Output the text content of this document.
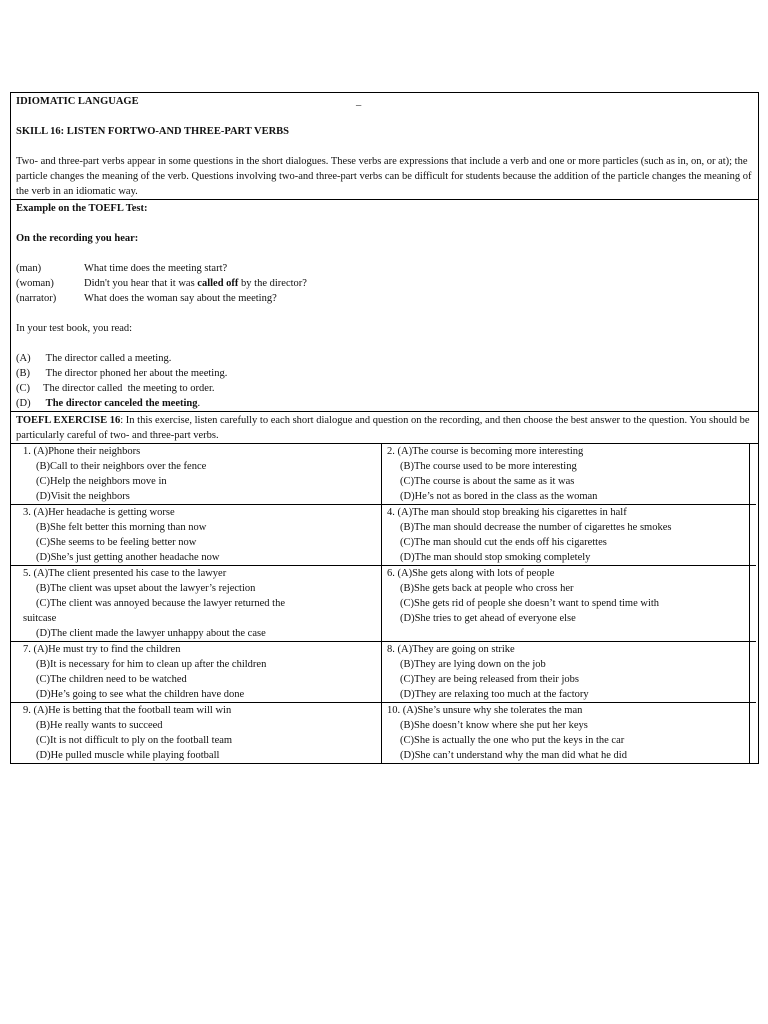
IDIOMATIC LANGUAGE	_
SKILL 16: LISTEN FORTWO-AND THREE-PART VERBS
Two- and three-part verbs appear in some questions in the short dialogues. These verbs are expressions that include a verb and one or more particles (such as in, on, or at); the particle changes the meaning of the verb. Questions involving two-and three-part verbs can be difficult for students because the addition of the particle changes the meaning of the verb in an idiomatic way.
Example on the TOEFL Test:
On the recording you hear:
(man)	What time does the meeting start?
(woman)	Didn't you hear that it was called off by the director?
(narrator)	What does the woman say about the meeting?
In your test book, you read:
(A) The director called a meeting.
(B) The director phoned her about the meeting.
(C) The director called  the meeting to order.
(D) The director canceled the meeting .
TOEFL EXERCISE 16: In this exercise, listen carefully to each short dialogue and question on the recording, and then choose the best answer to the question. You should be particularly careful of two- and three-part verbs.
1. (A)Phone their neighbors
(B)Call to their neighbors over the fence
(C)Help the neighbors move in
(D)Visit the neighbors
2. (A)The course is becoming more interesting
(B)The course used to be more interesting
(C)The course is about the same as it was
(D)He’s not as bored in the class as the woman
3. (A)Her headache is getting worse
(B)She felt better this morning than now
(C)She seems to be feeling better now
(D)She’s just getting another headache now
4. (A)The man should stop breaking his cigarettes in half
(B)The man should decrease the number of cigarettes he smokes
(C)The man should cut the ends off his cigarettes
(D)The man should stop smoking completely
5. (A)The client presented his case to the lawyer
(B)The client was upset about the lawyer’s rejection
(C)The client was annoyed because the lawyer returned the
suitcase
(D)The client made the lawyer unhappy about the case
6. (A)She gets along with lots of people
(B)She gets back at people who cross her
(C)She gets rid of people she doesn’t want to spend time with
(D)She tries to get ahead of everyone else
7. (A)He must try to find the children
(B)It is necessary for him to clean up after the children
(C)The children need to be watched
(D)He’s going to see what the children have done
8. (A)They are going on strike
(B)They are lying down on the job
(C)They are being released from their jobs
(D)They are relaxing too much at the factory
9. (A)He is betting that the football team will win
(B)He really wants to succeed
(C)It is not difficult to ply on the football team
(D)He pulled muscle while playing football
10. (A)She’s unsure why she tolerates the man
(B)She doesn’t know where she put her keys
(C)She is actually the one who put the keys in the car
(D)She can’t understand why the man did what he did
